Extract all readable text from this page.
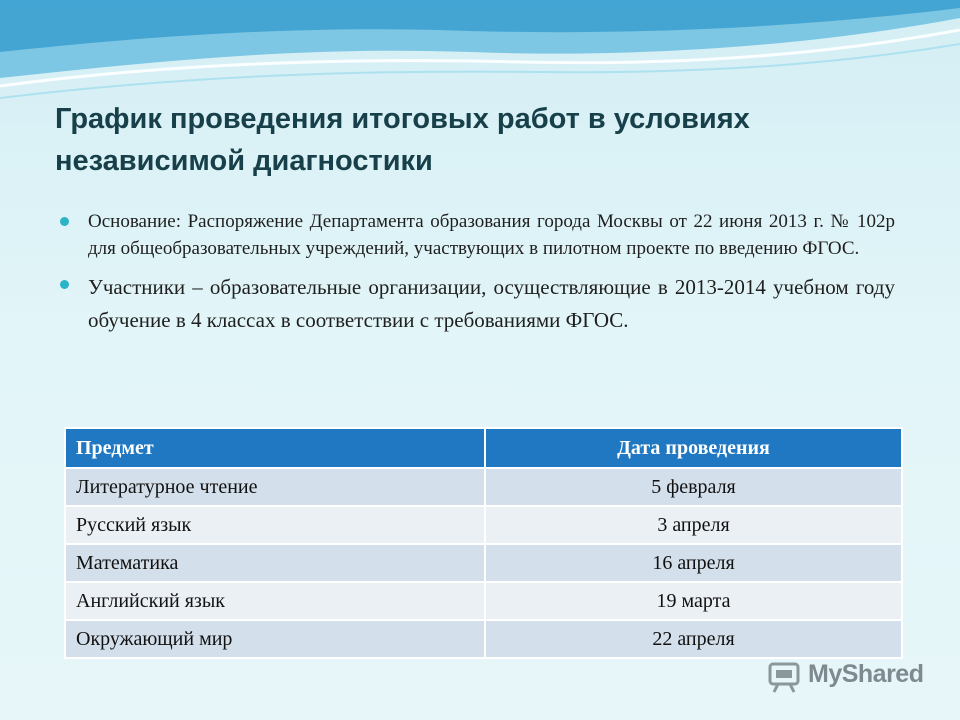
График проведения итоговых работ в условиях независимой диагностики
Основание: Распоряжение Департамента образования города Москвы от 22 июня 2013 г. № 102р для общеобразовательных учреждений, участвующих в пилотном проекте по введению ФГОС.
Участники – образовательные организации, осуществляющие в 2013-2014 учебном году обучение в 4 классах в соответствии с требованиями ФГОС.
Предмет	Дата проведения
Литературное чтение	5 февраля
Русский язык	3 апреля
Математика	16 апреля
Английский язык	19 марта
Окружающий мир	22 апреля
MyShared
